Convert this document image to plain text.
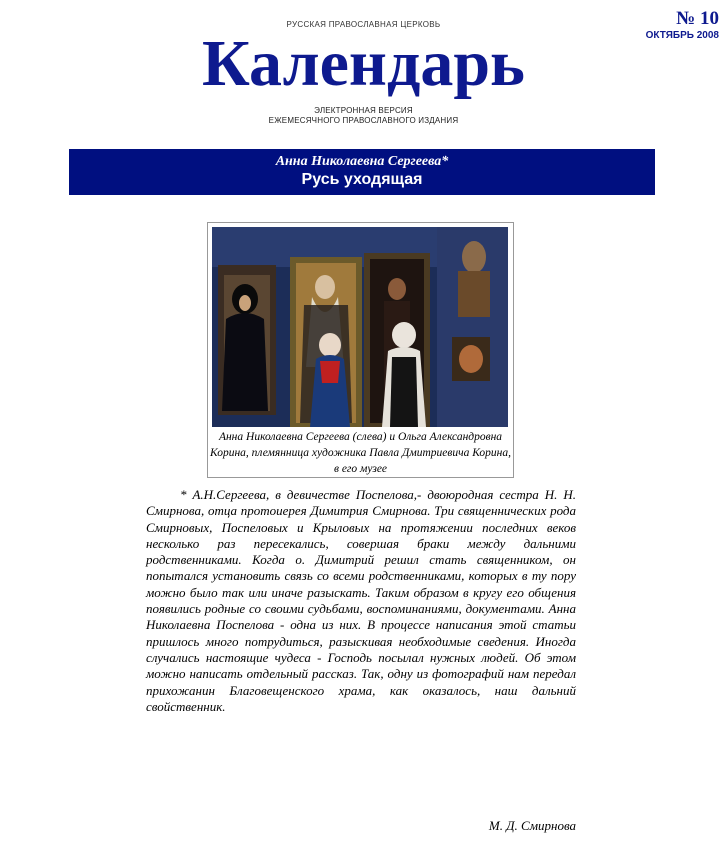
РУССКАЯ ПРАВОСЛАВНАЯ ЦЕРКОВЬ
Календарь
ЭЛЕКТРОННАЯ ВЕРСИЯ
ЕЖЕМЕСЯЧНОГО ПРАВОСЛАВНОГО ИЗДАНИЯ
№ 10
ОКТЯБРЬ 2008
Анна Николаевна Сергеева*
Русь уходящая
Анна Николаевна Сергеева (слева) и Ольга Александровна Корина, племянница художника Павла Дмитриевича Корина, в его музее
* А.Н.Сергеева, в девичестве Поспелова,- двоюродная сестра Н. Н. Смирнова, отца протоиерея Димитрия Смирнова. Три священнических рода Смирновых, Поспеловых и Крыловых на протяжении последних веков несколько раз пересекались, совершая браки между дальними родственниками. Когда о. Димитрий решил стать священником, он попытался установить связь со всеми родственниками, которых в ту пору можно было так или иначе разыскать. Таким образом в кругу его общения появились родные со своими судьбами, воспоминаниями, документами. Анна Николаевна Поспелова - одна из них. В процессе написания этой статьи пришлось много потрудиться, разыскивая необходимые сведения. Иногда случались настоящие чудеса - Господь посылал нужных людей. Об этом можно написать отдельный рассказ. Так, одну из фотографий нам передал прихожанин Благовещенского храма, как оказалось, наш дальний свойственник.
М. Д. Смирнова
